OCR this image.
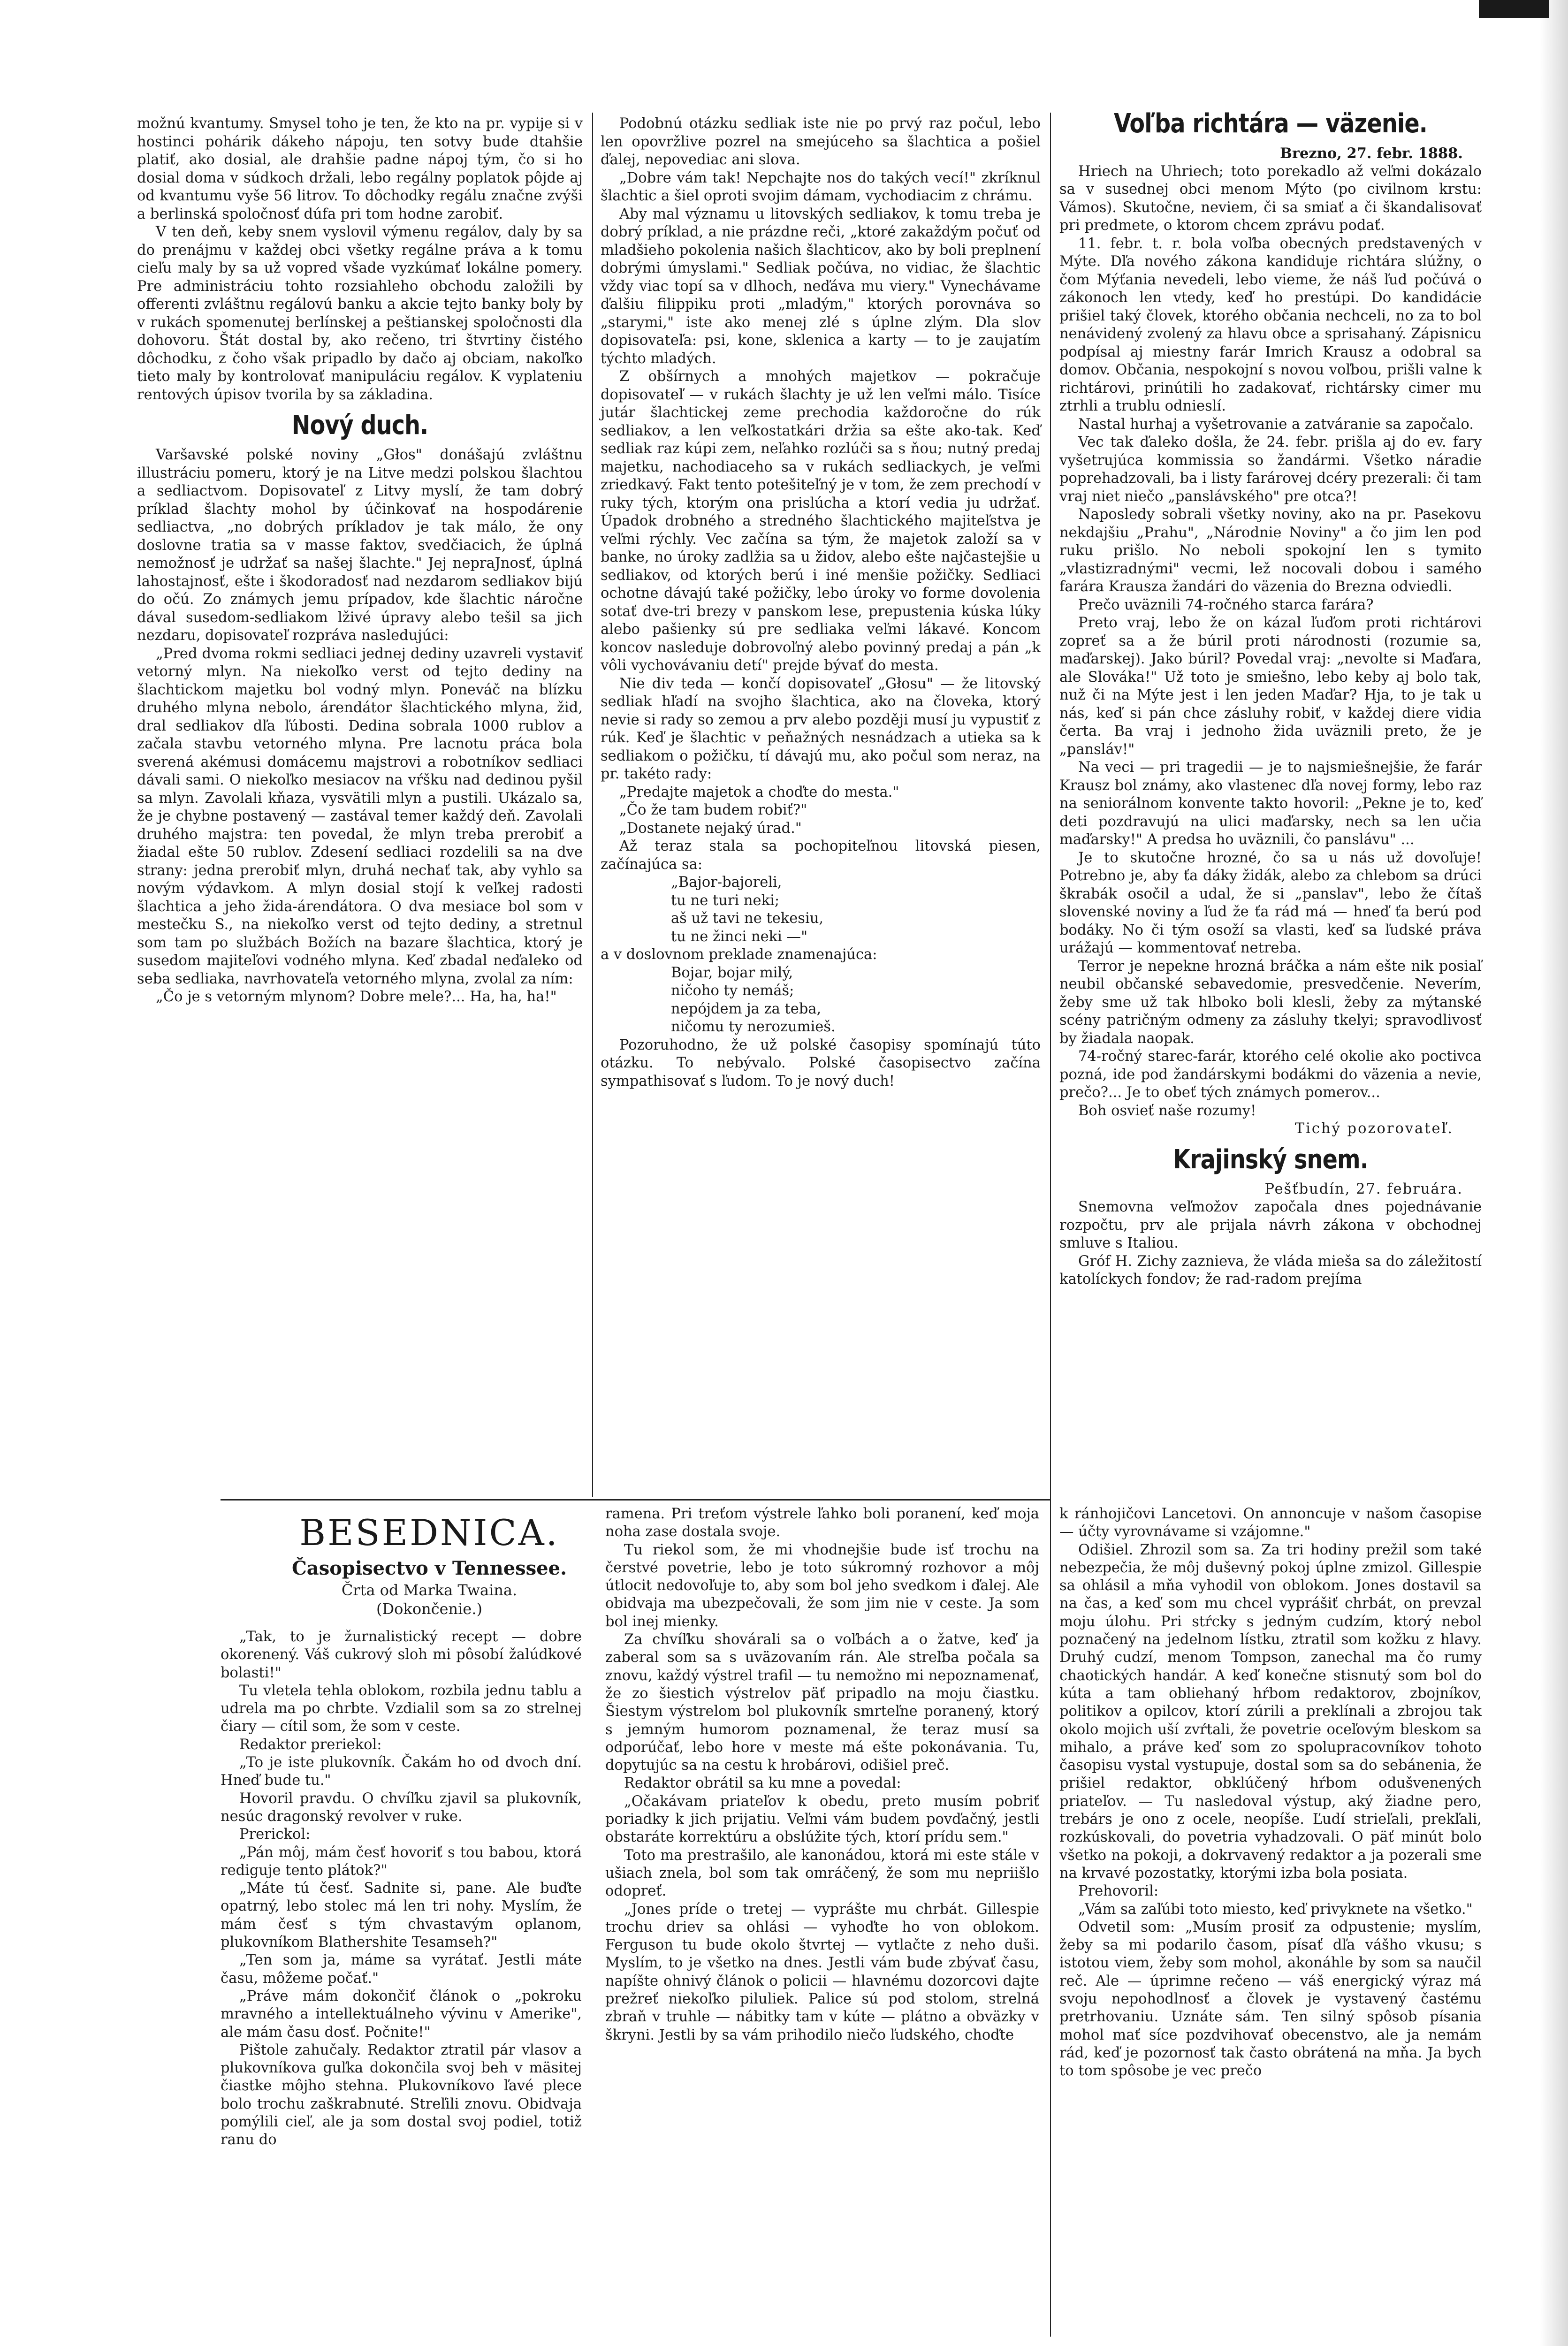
možnú kvantumy. Smysel toho je ten, že kto na pr. vypije si v hostinci pohárik dákeho nápoju, ten sotvy bude dtahšie platiť, ako dosial, ale drahšie padne nápoj tým, čo si ho dosial doma v súdkoch držali, lebo regálny poplatok pôjde aj od kvantumu vyše 56 litrov. To dôchodky regálu značne zvýši a berlinská spoločnosť dúfa pri tom hodne zarobiť.

V ten deň, keby snem vyslovil výmenu regálov, daly by sa do prenájmu v každej obci všetky regálne práva a k tomu cieľu maly by sa už vopred všade vyzkúmať lokálne pomery. Pre administráciu tohto rozsiahleho obchodu založili by offerenti zvláštnu regálovú banku a akcie tejto banky boly by v rukách spomenutej berlínskej a peštianskej spoločnosti dla dohovoru. Štát dostal by, ako rečeno, tri štvrtiny čistého dôchodku, z čoho však pripadlo by dačo aj obciam, nakoľko tieto maly by kontrolovať manipuláciu regálov. K vyplateniu rentových úpisov tvorila by sa základina.

Nový duch.

Varšavské polské noviny „Głos" donášajú zvláštnu illustráciu pomeru, ktorý je na Litve medzi polskou šlachtou a sedliactvom. Dopisovateľ z Litvy myslí, že tam dobrý príklad šlachty mohol by účinkovať na hospodárenie sedliactva, „no dobrých príkladov je tak málo, že ony doslovne tratia sa v masse faktov, svedčiacich, že úplná nemožnosť je udržať sa našej šlachte." Jej nepraJnosť, úplná lahostajnosť, ešte i škodoradosť nad nezdarom sedliakov bijú do očú. Zo známych jemu prípadov, kde šlachtic náročne dával susedom-sedliakom lživé úpravy alebo tešil sa jich nezdaru, dopisovateľ rozpráva nasledujúci:

„Pred dvoma rokmi sedliaci jednej dediny uzavreli vystaviť vetorný mlyn. Na niekoľko verst od tejto dediny na šlachtickom majetku bol vodný mlyn. Poneváč na blízku druhého mlyna nebolo, árendátor šlachtického mlyna, žid, dral sedliakov dľa ľúbosti. Dedina sobrala 1000 rublov a začala stavbu vetorného mlyna. Pre lacnotu práca bola sverená akémusi domácemu majstrovi a robotníkov sedliaci dávali sami. O niekoľko mesiacov na vŕšku nad dedinou pyšil sa mlyn. Zavolali kňaza, vysvätili mlyn a pustili. Ukázalo sa, že je chybne postavený — zastával temer každý deň. Zavolali druhého majstra: ten povedal, že mlyn treba prerobiť a žiadal ešte 50 rublov. Zdesení sedliaci rozdelili sa na dve strany: jedna prerobiť mlyn, druhá nechať tak, aby vyhlo sa novým výdavkom. A mlyn dosial stojí k veľkej radosti šlachtica a jeho žida-árendátora. O dva mesiace bol som v mestečku S., na niekoľko verst od tejto dediny, a stretnul som tam po službách Božích na bazare šlachtica, ktorý je susedom majiteľovi vodného mlyna. Keď zbadal neďaleko od seba sedliaka, navrhovateľa vetorného mlyna, zvolal za ním:

„Čo je s vetorným mlynom? Dobre mele?... Ha, ha, ha!"

Podobnú otázku sedliak iste nie po prvý raz počul, lebo len opovržlive pozrel na smejúceho sa šlachtica a pošiel ďalej, nepovediac ani slova.

„Dobre vám tak! Nepchajte nos do takých vecí!" zkríknul šlachtic a šiel oproti svojim dámam, vychodiacim z chrámu.

Aby mal významu u litovských sedliakov, k tomu treba je dobrý príklad, a nie prázdne reči, „ktoré zakaždým počuť od mladšieho pokolenia našich šlachticov, ako by boli preplnení dobrými úmyslami." Sedliak počúva, no vidiac, že šlachtic vždy viac topí sa v dlhoch, neďáva mu viery." Vynechávame ďalšiu filippiku proti „mladým," ktorých porovnáva so „starymi," iste ako menej zlé s úplne zlým. Dla slov dopisovateľa: psi, kone, sklenica a karty — to je zaujatím týchto mladých.

Z obšírnych a mnohých majetkov — pokračuje dopisovateľ — v rukách šlachty je už len veľmi málo. Tisíce jutár šlachtickej zeme prechodia každoročne do rúk sedliakov, a len veľkostatkári držia sa ešte ako-tak. Keď sedliak raz kúpi zem, neľahko rozlúči sa s ňou; nutný predaj majetku, nachodiaceho sa v rukách sedliackych, je veľmi zriedkavý. Fakt tento potešiteľný je v tom, že zem prechodí v ruky tých, ktorým ona prislúcha a ktorí vedia ju udržať. Úpadok drobného a stredného šlachtického majiteľstva je veľmi rýchly. Vec začína sa tým, že majetok založí sa v banke, no úroky zadlžia sa u židov, alebo ešte najčastejšie u sedliakov, od ktorých berú i iné menšie požičky. Sedliaci ochotne dávajú také požičky, lebo úroky vo forme dovolenia sotať dve-tri brezy v panskom lese, prepustenia kúska lúky alebo pašienky sú pre sedliaka veľmi lákavé. Koncom koncov nasleduje dobrovoľný alebo povinný predaj a pán „k vôli vychovávaniu detí" prejde bývať do mesta.

Nie div teda — končí dopisovateľ „Głosu" — že litovský sedliak hľadí na svojho šlachtica, ako na človeka, ktorý nevie si rady so zemou a prv alebo později musí ju vypustiť z rúk. Keď je šlachtic v peňažných nesnádzach a utieka sa k sedliakom o požičku, tí dávajú mu, ako počul som neraz, na pr. takéto rady:

„Predajte majetok a choďte do mesta."

„Čo že tam budem robiť?"

„Dostanete nejaký úrad."

Až teraz stala sa pochopiteľnou litovská piesen, začínajúca sa:

„Bajor-bajoreli,

tu ne turi neki;

aš už tavi ne tekesiu,

tu ne žinci neki —"

a v doslovnom preklade znamenajúca:

Bojar, bojar milý,

ničoho ty nemáš;

nepójdem ja za teba,

ničomu ty nerozumieš.

Pozoruhodno, že už polské časopisy spomínajú túto otázku. To nebývalo. Polské časopisectvo začína sympathisovať s ľudom. To je nový duch!

Voľba richtára — väzenie.

Brezno, 27. febr. 1888.

Hriech na Uhriech; toto porekadlo až veľmi dokázalo sa v susednej obci menom Mýto (po civilnom krstu: Vámos). Skutočne, neviem, či sa smiať a či škandalisovať pri predmete, o ktorom chcem zprávu podať.

11. febr. t. r. bola voľba obecných predstavených v Mýte. Dľa nového zákona kandiduje richtára slúžny, o čom Mýťania nevedeli, lebo vieme, že náš ľud počúvá o zákonoch len vtedy, keď ho prestúpi. Do kandidácie prišiel taký človek, ktorého občania nechceli, no za to bol nenávidený zvolený za hlavu obce a sprisahaný. Zápisnicu podpísal aj miestny farár Imrich Krausz a odobral sa domov. Občania, nespokojní s novou voľbou, prišli valne k richtárovi, prinútili ho zadakovať, richtársky cimer mu ztrhli a trublu odnieslí.

Nastal hurhaj a vyšetrovanie a zatváranie sa započalo.

Vec tak ďaleko došla, že 24. febr. prišla aj do ev. fary vyšetrujúca kommissia so žandármi. Všetko náradie poprehadzovali, ba i listy farárovej dcéry prezerali: či tam vraj niet niečo „panslávského" pre otca?!

Naposledy sobrali všetky noviny, ako na pr. Pasekovu nekdajšiu „Prahu", „Národnie Noviny" a čo jim len pod ruku prišlo. No neboli spokojní len s tymito „vlastizradnými" vecmi, lež nocovali dobou i samého farára Krausza žandári do väzenia do Brezna odviedli.

Prečo uväznili 74-ročného starca farára?

Preto vraj, lebo že on kázal ľuďom proti richtárovi zopreť sa a že búril proti národnosti (rozumie sa, maďarskej). Jako búril? Povedal vraj: „nevolte si Maďara, ale Slováka!" Už toto je smiešno, lebo keby aj bolo tak, nuž či na Mýte jest i len jeden Maďar? Hja, to je tak u nás, keď si pán chce zásluhy robiť, v každej diere vidia čerta. Ba vraj i jednoho žida uväznili preto, že je „pansláv!"

Na veci — pri tragedii — je to najsmiešnejšie, že farár Krausz bol známy, ako vlastenec dľa novej formy, lebo raz na seniorálnom konvente takto hovoril: „Pekne je to, keď deti pozdravujú na ulici maďarsky, nech sa len učia maďarsky!" A predsa ho uväznili, čo panslávu" ...

Je to skutočne hrozné, čo sa u nás už dovoľuje! Potrebno je, aby ťa dáky židák, alebo za chlebom sa drúci škrabák osočil a udal, že si „panslav", lebo že čítaš slovenské noviny a ľud že ťa rád má — hneď ťa berú pod bodáky. No či tým osoží sa vlasti, keď sa ľudské práva urážajú — kommentovať netreba.

Terror je nepekne hrozná bráčka a nám ešte nik posiaľ neubil občanské sebavedomie, presvedčenie. Neverím, žeby sme už tak hlboko boli klesli, žeby za mýtanské scény patričným odmeny za zásluhy tkelyi; spravodlivosť by žiadala naopak.

74-ročný starec-farár, ktorého celé okolie ako poctivca pozná, ide pod žandárskymi bodákmi do väzenia a nevie, prečo?... Je to obeť tých známych pomerov...

Boh osvieť naše rozumy!

Tichý pozorovateľ.

Krajinský snem.

Pešťbudín, 27. februára.

Snemovna veľmožov započala dnes pojednávanie rozpočtu, prv ale prijala návrh zákona v obchodnej smluve s Italiou.

Gróf H. Zichy zaznieva, že vláda mieša sa do záležitostí katolíckych fondov; že rad-radom prejíma

BESEDNICA.
Časopisectvo v Tennessee.

Črta od Marka Twaina.

(Dokončenie.)

„Tak, to je žurnalistický recept — dobre okorenený. Váš cukrový sloh mi pôsobí žalúdkové bolasti!"

Tu vletela tehla oblokom, rozbila jednu tablu a udrela ma po chrbte. Vzdialil som sa zo strelnej čiary — cítil som, že som v ceste.

Redaktor preriekol:

„To je iste plukovník. Čakám ho od dvoch dní. Hneď bude tu."

Hovoril pravdu. O chvíľku zjavil sa plukovník, nesúc dragonský revolver v ruke.

Prerickol:

„Pán môj, mám česť hovoriť s tou babou, ktorá rediguje tento plátok?"

„Máte tú česť. Sadnite si, pane. Ale buďte opatrný, lebo stolec má len tri nohy. Myslím, že mám česť s tým chvastavým oplanom, plukovníkom Blathershite Tesamseh?"

„Ten som ja, máme sa vyrátať. Jestli máte času, môžeme počať."

„Práve mám dokončiť článok o „pokroku mravného a intellektuálneho vývinu v Amerike", ale mám času dosť. Počnite!"

Pištole zahučaly. Redaktor ztratil pár vlasov a plukovníkova guľka dokončila svoj beh v mäsitej čiastke môjho stehna. Plukovníkovo ľavé plece bolo trochu zaškrabnuté. Streľili znovu. Obidvaja pomýlili cieľ, ale ja som dostal svoj podiel, totiž ranu do

ramena. Pri treťom výstrele ľahko boli poranení, keď moja noha zase dostala svoje.

Tu riekol som, že mi vhodnejšie bude isť trochu na čerstvé povetrie, lebo je toto súkromný rozhovor a môj útlocit nedovoľuje to, aby som bol jeho svedkom i ďalej. Ale obidvaja ma ubezpečovali, že som jim nie v ceste. Ja som bol inej mienky.

Za chvíľku shovárali sa o voľbách a o žatve, keď ja zaberal som sa s uväzovaním rán. Ale streľba počala sa znovu, každý výstrel trafil — tu nemožno mi nepoznamenať, že zo šiestich výstrelov päť pripadlo na moju čiastku. Šiestym výstrelom bol plukovník smrteľne poranený, ktorý s jemným humorom poznamenal, že teraz musí sa odporúčať, lebo hore v meste má ešte pokonávania. Tu, dopytujúc sa na cestu k hrobárovi, odišiel preč.

Redaktor obrátil sa ku mne a povedal:

„Očakávam priateľov k obedu, preto musím pobriť poriadky k jich prijatiu. Veľmi vám budem povďačný, jestli obstaráte korrektúru a obslúžite tých, ktorí prídu sem."

Toto ma prestrašilo, ale kanonádou, ktorá mi este stále v ušiach znela, bol som tak omráčený, že som mu nepriišlo odopreť.

„Jones príde o tretej — vyprášte mu chrbát. Gillespie trochu driev sa ohlási — vyhoďte ho von oblokom. Ferguson tu bude okolo štvrtej — vytlačte z neho duši. Myslím, to je všetko na dnes. Jestli vám bude zbývať času, napíšte ohnivý článok o policii — hlavnému dozorcovi dajte prežreť niekoľko piluliek. Palice sú pod stolom, strelná zbraň v truhle — nábitky tam v kúte — plátno a obväzky v škryni. Jestli by sa vám prihodilo niečo ľudského, choďte

k ránhojičovi Lancetovi. On annoncuje v našom časopise — účty vyrovnávame si vzájomne."

Odišiel. Zhrozil som sa. Za tri hodiny prežil som také nebezpečia, že môj duševný pokoj úplne zmizol. Gillespie sa ohlásil a mňa vyhodil von oblokom. Jones dostavil sa na čas, a keď som mu chcel vyprášiť chrbát, on prevzal moju úlohu. Pri stŕcky s jedným cudzím, ktorý nebol poznačený na jedelnom lístku, ztratil som kožku z hlavy. Druhý cudzí, menom Tompson, zanechal ma čo rumy chaotických handár. A keď konečne stisnutý som bol do kúta a tam obliehaný hŕbom redaktorov, zbojníkov, politikov a opilcov, ktorí zúrili a preklínali a zbrojou tak okolo mojich uší zvŕtali, že povetrie oceľovým bleskom sa mihalo, a práve keď som zo spolupracovníkov tohoto časopisu vystal vystupuje, dostal som sa do sebánenia, že prišiel redaktor, obklúčený hŕbom odušvenených priateľov. — Tu nasledoval výstup, aký žiadne pero, trebárs je ono z ocele, neopíše. Ľudí strieľali, prekľali, rozkúskovali, do povetria vyhadzovali. O päť minút bolo všetko na pokoji, a dokrvavený redaktor a ja pozerali sme na krvavé pozostatky, ktorými izba bola posiata.

Prehovoril:

„Vám sa zaľúbi toto miesto, keď privyknete na všetko."

Odvetil som: „Musím prosiť za odpustenie; myslím, žeby sa mi podarilo časom, písať dľa vášho vkusu; s istotou viem, žeby som mohol, akonáhle by som sa naučil reč. Ale — úprimne rečeno — váš energický výraz má svoju nepohodlnosť a človek je vystavený častému pretrhovaniu. Uznáte sám. Ten silný spôsob písania mohol mať síce pozdvihovať obecenstvo, ale ja nemám rád, keď je pozornosť tak často obrátená na mňa. Ja bych to tom spôsobe je vec prečo
